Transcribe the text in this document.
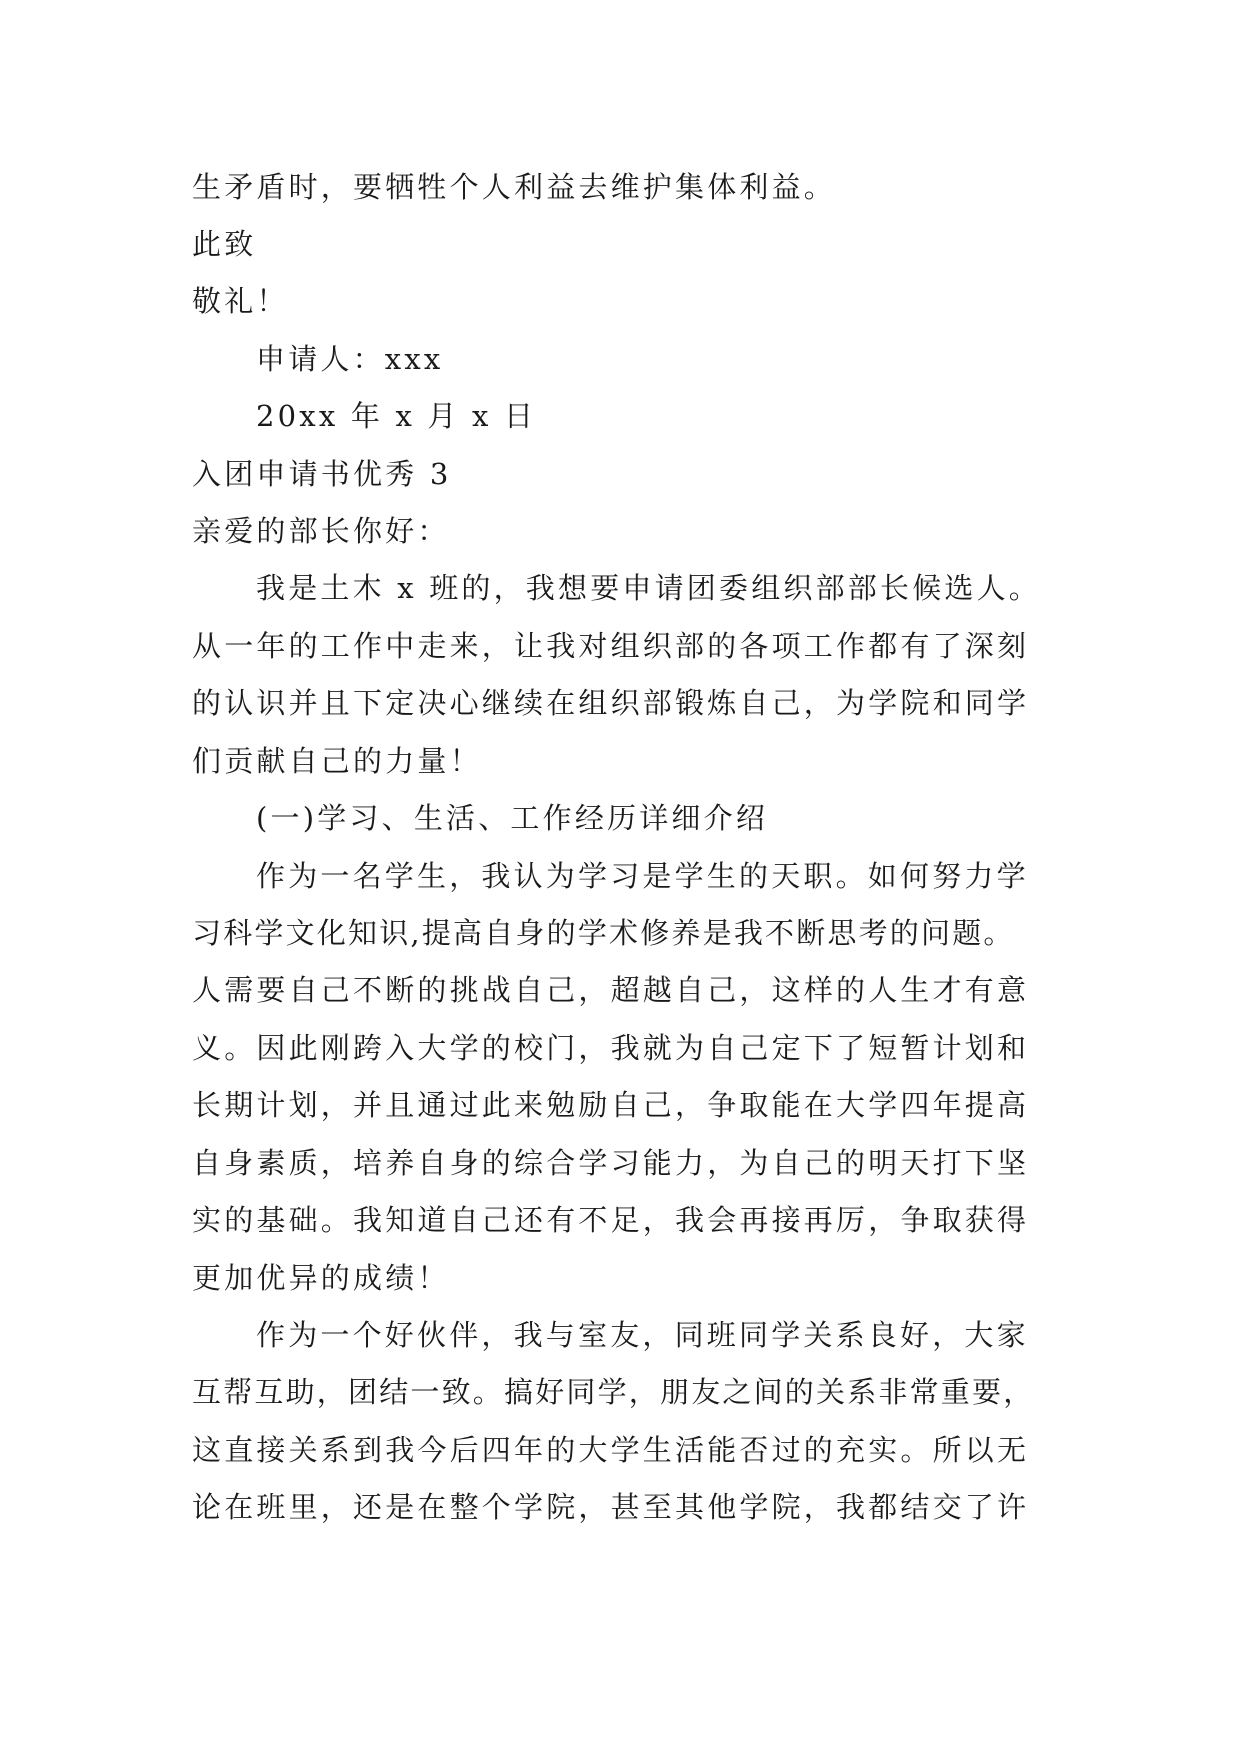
生矛盾时，要牺牲个人利益去维护集体利益。
此致
敬礼！
申请人：xxx
20xx 年 x 月 x 日
入团申请书优秀 3
亲爱的部长你好：
我是土木 x 班的，我想要申请团委组织部部长候选人。
从一年的工作中走来，让我对组织部的各项工作都有了深刻
的认识并且下定决心继续在组织部锻炼自己，为学院和同学
们贡献自己的力量！
(一)学习、生活、工作经历详细介绍
作为一名学生，我认为学习是学生的天职。如何努力学
习科学文化知识,提高自身的学术修养是我不断思考的问题。
人需要自己不断的挑战自己，超越自己，这样的人生才有意
义。因此刚跨入大学的校门，我就为自己定下了短暂计划和
长期计划，并且通过此来勉励自己，争取能在大学四年提高
自身素质，培养自身的综合学习能力，为自己的明天打下坚
实的基础。我知道自己还有不足，我会再接再厉，争取获得
更加优异的成绩！
作为一个好伙伴，我与室友，同班同学关系良好，大家
互帮互助，团结一致。搞好同学，朋友之间的关系非常重要，
这直接关系到我今后四年的大学生活能否过的充实。所以无
论在班里，还是在整个学院，甚至其他学院，我都结交了许
